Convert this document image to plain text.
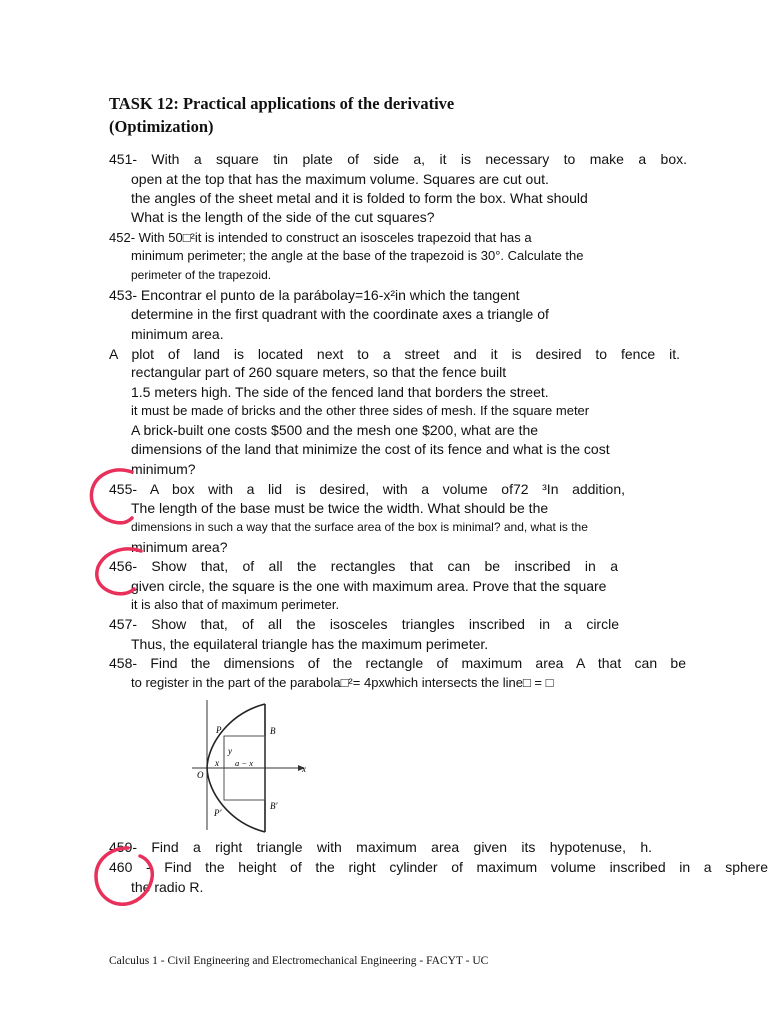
TASK 12: Practical applications of the derivative
(Optimization)
451- With a square tin plate of side a, it is necessary to make a box.
open at the top that has the maximum volume. Squares are cut out.
the angles of the sheet metal and it is folded to form the box. What should
What is the length of the side of the cut squares?
452- With 50□²it is intended to construct an isosceles trapezoid that has a
minimum perimeter; the angle at the base of the trapezoid is 30°. Calculate the
perimeter of the trapezoid.
453- Encontrar el punto de la parábolay=16-x²in which the tangent
determine in the first quadrant with the coordinate axes a triangle of
minimum area.
A plot of land is located next to a street and it is desired to fence it.
rectangular part of 260 square meters, so that the fence built
1.5 meters high. The side of the fenced land that borders the street.
it must be made of bricks and the other three sides of mesh. If the square meter
A brick-built one costs $500 and the mesh one $200, what are the
dimensions of the land that minimize the cost of its fence and what is the cost
minimum?
455- A box with a lid is desired, with a volume of72 ³In addition,
The length of the base must be twice the width. What should be the
dimensions in such a way that the surface area of the box is minimal? and, what is the
minimum area?
456- Show that, of all the rectangles that can be inscribed in a
given circle, the square is the one with maximum area. Prove that the square
it is also that of maximum perimeter.
457- Show that, of all the isosceles triangles inscribed in a circle
Thus, the equilateral triangle has the maximum perimeter.
458- Find the dimensions of the rectangle of maximum area A that can be
to register in the part of the parabola□²= 4pxwhich intersects the line□ = □
P
P′
B
B′
O
x
y
a − x
x
459- Find a right triangle with maximum area given its hypotenuse, h.
460 - Find the height of the right cylinder of maximum volume inscribed in a sphere
the radio R.
Calculus 1 - Civil Engineering and Electromechanical Engineering - FACYT - UC
